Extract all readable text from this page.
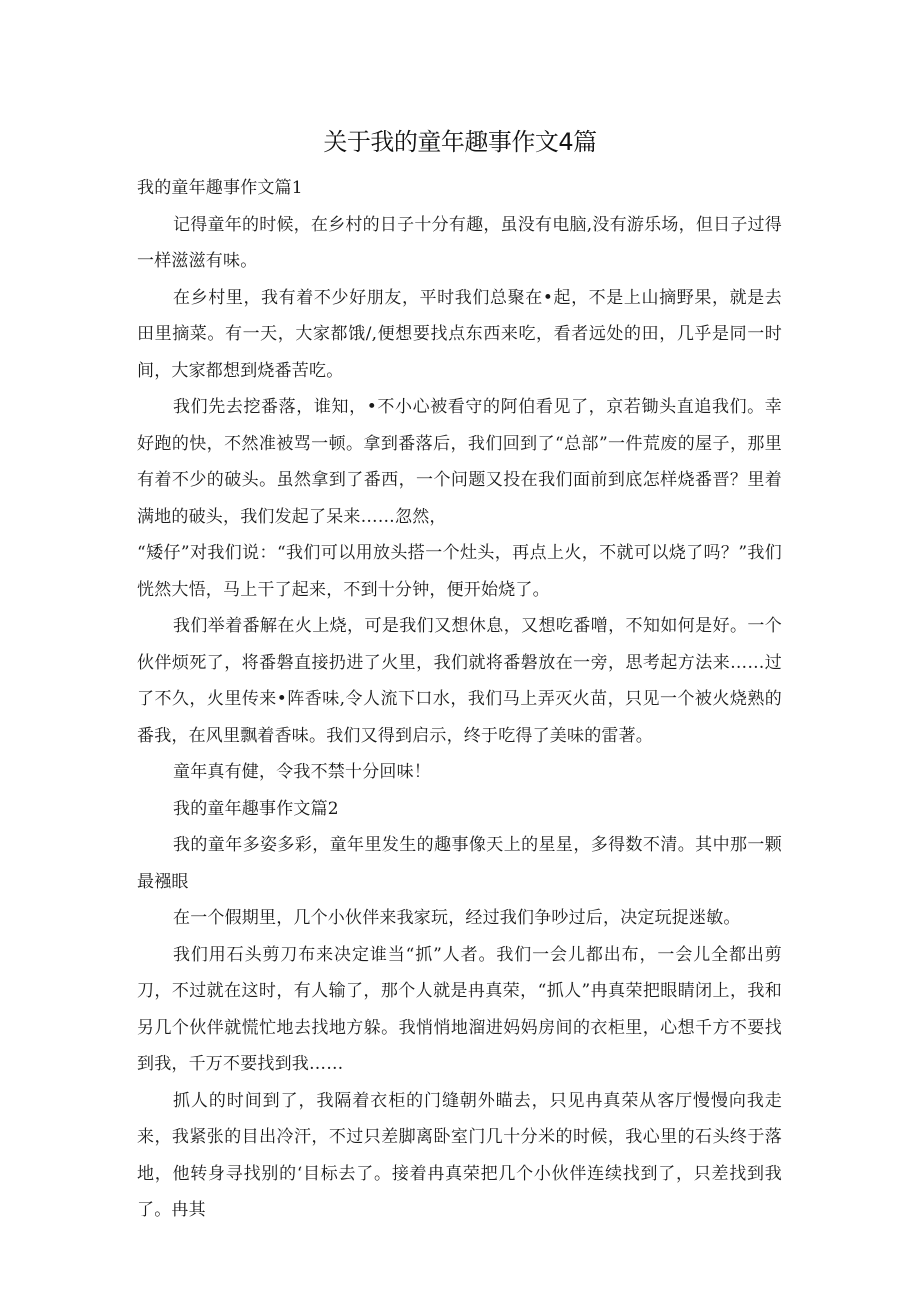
关于我的童年趣事作文4篇

我的童年趣事作文篇1

记得童年的时候，在乡村的日子十分有趣，虽没有电脑,没有游乐场，但日子过得一样滋滋有味。

在乡村里，我有着不少好朋友，平时我们总聚在•起，不是上山摘野果，就是去田里摘菜。有一天，大家都饿/,便想要找点东西来吃，看者远处的田，几乎是同一时间，大家都想到烧番苦吃。

我们先去挖番落，谁知，•不小心被看守的阿伯看见了，京若锄头直追我们。幸好跑的快，不然准被骂一顿。拿到番落后，我们回到了“总部”一件荒废的屋子，那里有着不少的破头。虽然拿到了番西，一个问题又投在我们面前到底怎样烧番晋？里着满地的破头，我们发起了呆来……忽然，

“矮仔”对我们说：“我们可以用放头搭一个灶头，再点上火，不就可以烧了吗？”我们恍然大悟，马上干了起来，不到十分钟，便开始烧了。

我们举着番解在火上烧，可是我们又想休息，又想吃番噌，不知如何是好。一个伙伴烦死了，将番磐直接扔进了火里，我们就将番磐放在一旁，思考起方法来……过了不久，火里传来•阵香味,令人流下口水，我们马上弄灭火苗，只见一个被火烧熟的番我，在风里飘着香味。我们又得到启示，终于吃得了美味的雷著。

童年真有健，令我不禁十分回味！

我的童年趣事作文篇2

我的童年多姿多彩，童年里发生的趣事像天上的星星，多得数不清。其中那一颗最襁眼

在一个假期里，几个小伙伴来我家玩，经过我们争吵过后，决定玩捉迷敏。

我们用石头剪刀布来决定谁当“抓”人者。我们一会儿都出布，一会儿全都出剪刀，不过就在这时，有人输了，那个人就是冉真荣，“抓人”冉真荣把眼睛闭上，我和另几个伙伴就慌忙地去找地方躲。我悄悄地溜进妈妈房间的衣柜里，心想千方不要找到我，千万不要找到我……

抓人的时间到了，我隔着衣柜的门缝朝外瞄去，只见冉真荣从客厅慢慢向我走来，我紧张的目出冷汗，不过只差脚离卧室门几十分米的时候，我心里的石头终于落地，他转身寻找别的‘目标去了。接着冉真荣把几个小伙伴连续找到了，只差找到我了。冉其
